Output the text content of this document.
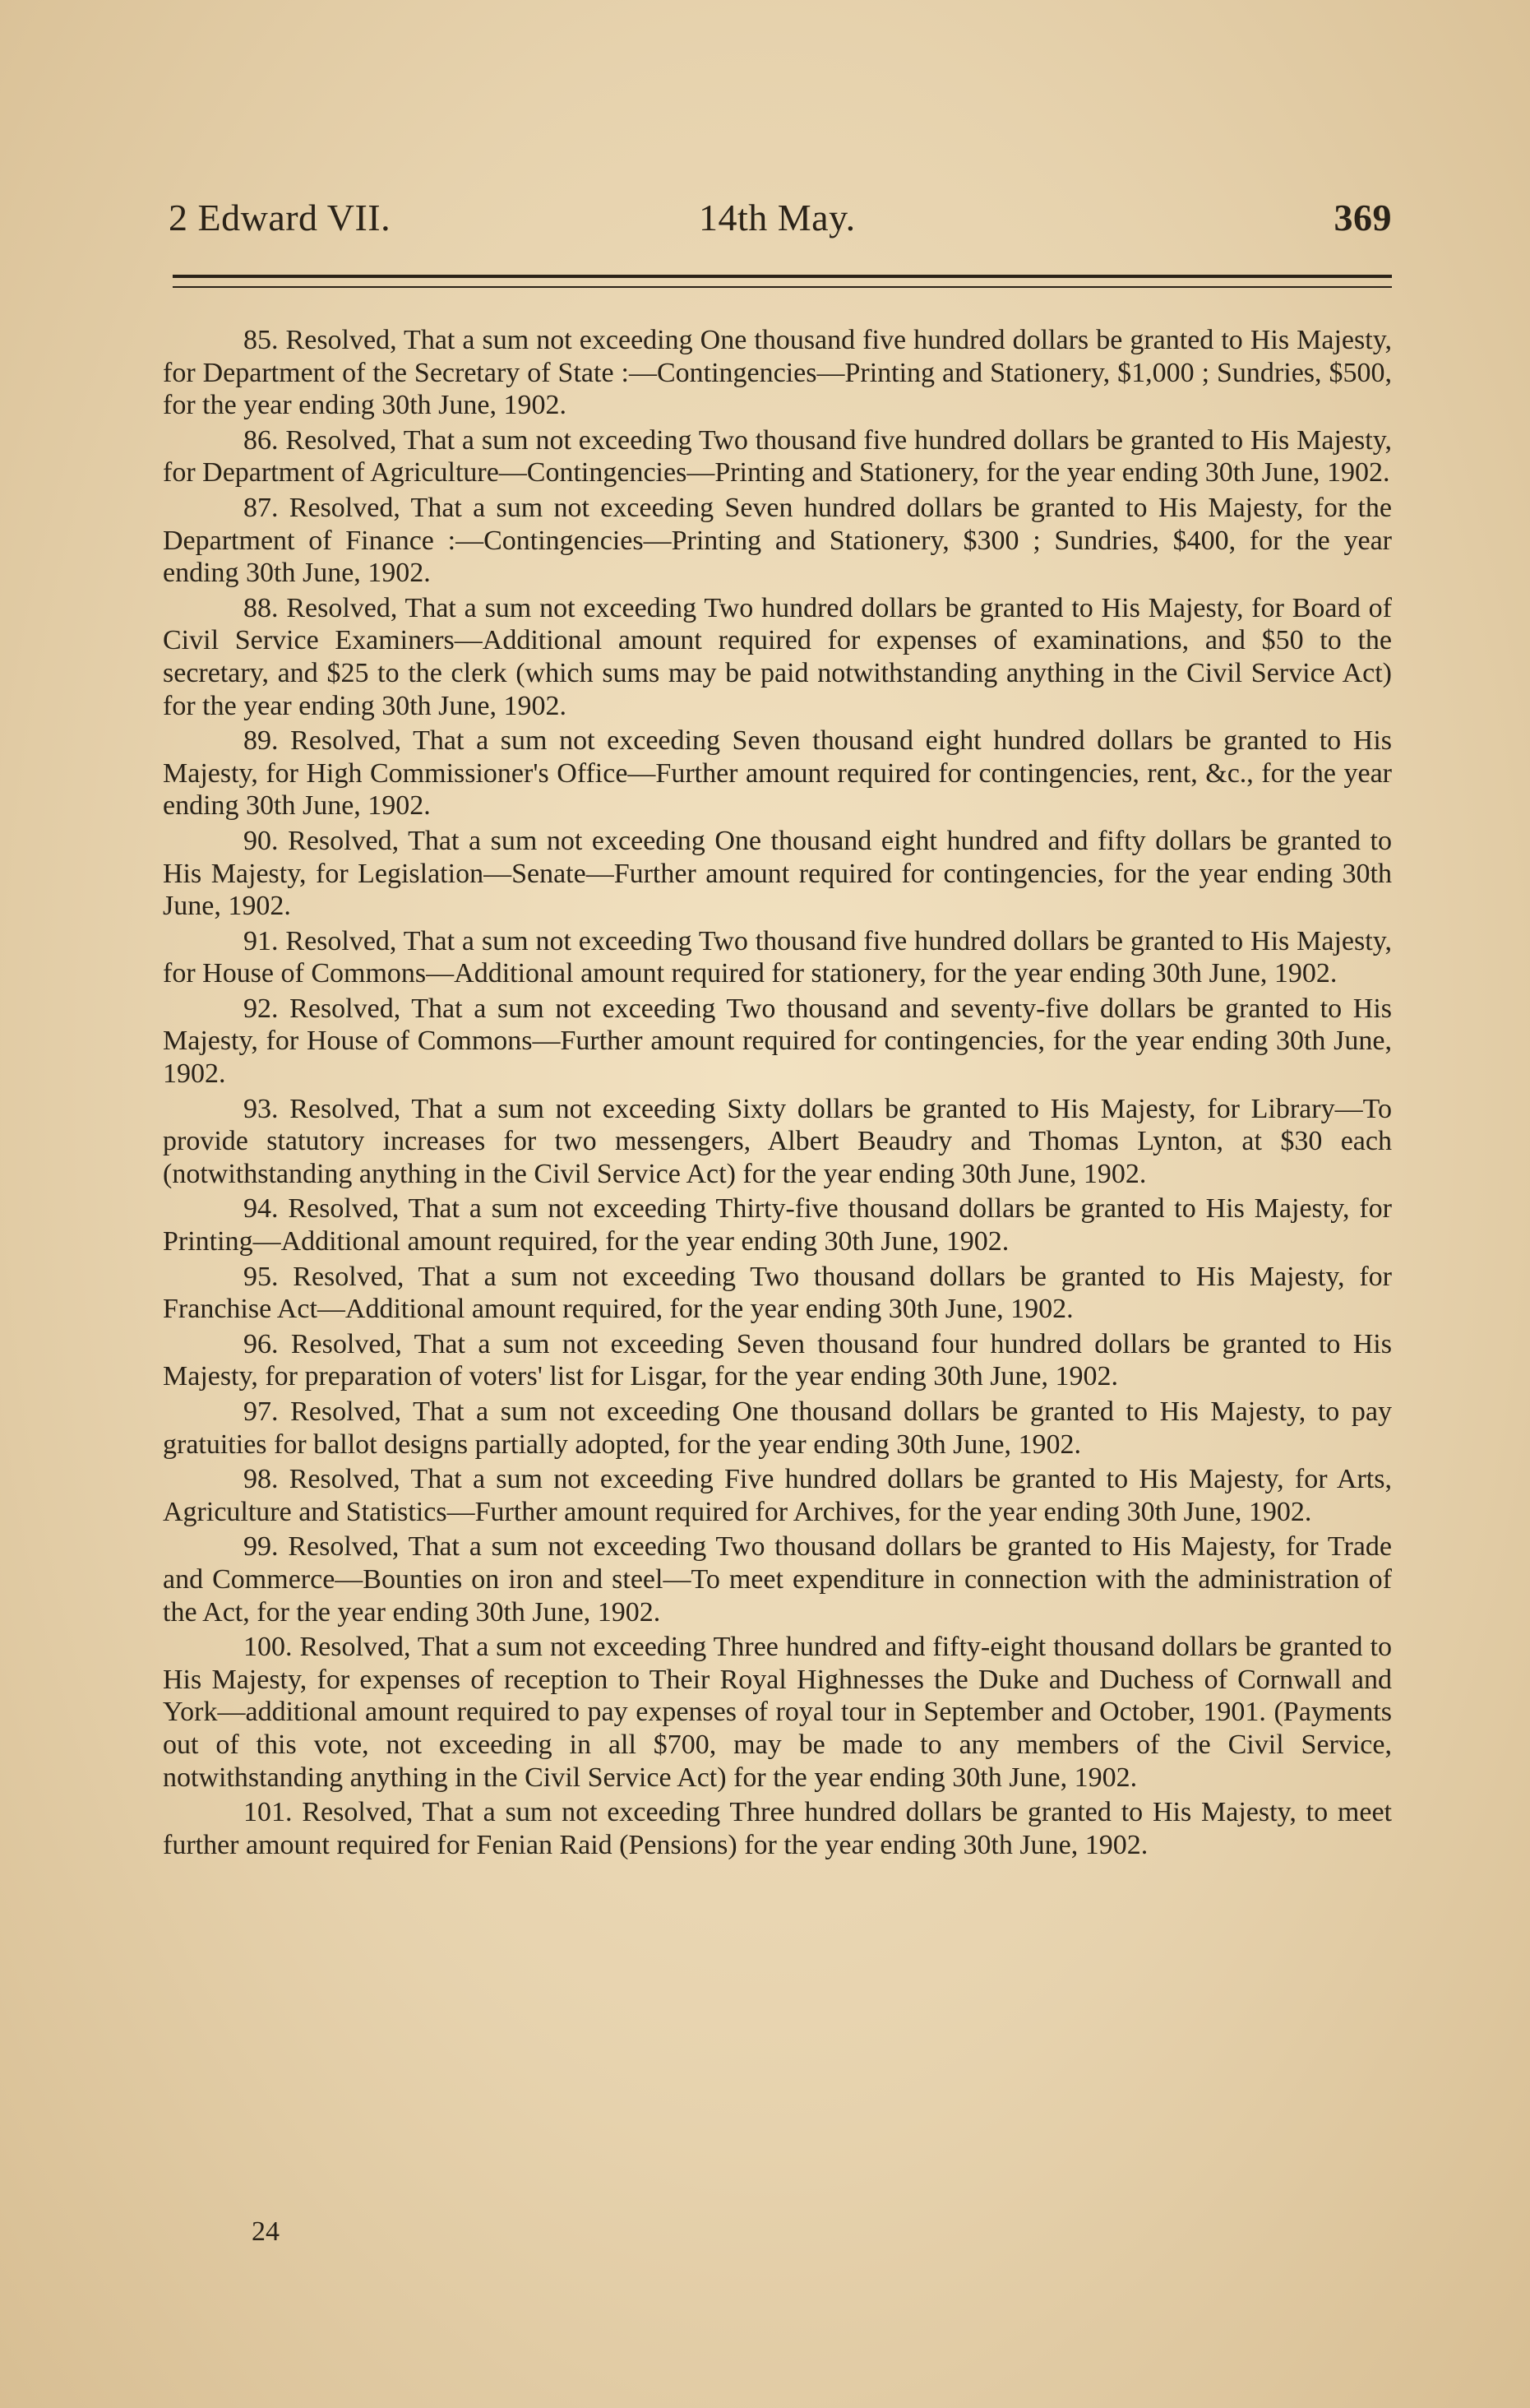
2 Edward VII.	14th May.	369

85. Resolved, That a sum not exceeding One thousand five hundred dollars be granted to His Majesty, for Department of the Secretary of State :—Contingencies—Printing and Stationery, $1,000 ; Sundries, $500, for the year ending 30th June, 1902.

86. Resolved, That a sum not exceeding Two thousand five hundred dollars be granted to His Majesty, for Department of Agriculture—Contingencies—Printing and Stationery, for the year ending 30th June, 1902.

87. Resolved, That a sum not exceeding Seven hundred dollars be granted to His Majesty, for the Department of Finance :—Contingencies—Printing and Stationery, $300 ; Sundries, $400, for the year ending 30th June, 1902.

88. Resolved, That a sum not exceeding Two hundred dollars be granted to His Majesty, for Board of Civil Service Examiners—Additional amount required for expenses of examinations, and $50 to the secretary, and $25 to the clerk (which sums may be paid notwithstanding anything in the Civil Service Act) for the year ending 30th June, 1902.

89. Resolved, That a sum not exceeding Seven thousand eight hundred dollars be granted to His Majesty, for High Commissioner's Office—Further amount required for contingencies, rent, &c., for the year ending 30th June, 1902.

90. Resolved, That a sum not exceeding One thousand eight hundred and fifty dollars be granted to His Majesty, for Legislation—Senate—Further amount required for contingencies, for the year ending 30th June, 1902.

91. Resolved, That a sum not exceeding Two thousand five hundred dollars be granted to His Majesty, for House of Commons—Additional amount required for stationery, for the year ending 30th June, 1902.

92. Resolved, That a sum not exceeding Two thousand and seventy-five dollars be granted to His Majesty, for House of Commons—Further amount required for contingencies, for the year ending 30th June, 1902.

93. Resolved, That a sum not exceeding Sixty dollars be granted to His Majesty, for Library—To provide statutory increases for two messengers, Albert Beaudry and Thomas Lynton, at $30 each (notwithstanding anything in the Civil Service Act) for the year ending 30th June, 1902.

94. Resolved, That a sum not exceeding Thirty-five thousand dollars be granted to His Majesty, for Printing—Additional amount required, for the year ending 30th June, 1902.

95. Resolved, That a sum not exceeding Two thousand dollars be granted to His Majesty, for Franchise Act—Additional amount required, for the year ending 30th June, 1902.

96. Resolved, That a sum not exceeding Seven thousand four hundred dollars be granted to His Majesty, for preparation of voters' list for Lisgar, for the year ending 30th June, 1902.

97. Resolved, That a sum not exceeding One thousand dollars be granted to His Majesty, to pay gratuities for ballot designs partially adopted, for the year ending 30th June, 1902.

98. Resolved, That a sum not exceeding Five hundred dollars be granted to His Majesty, for Arts, Agriculture and Statistics—Further amount required for Archives, for the year ending 30th June, 1902.

99. Resolved, That a sum not exceeding Two thousand dollars be granted to His Majesty, for Trade and Commerce—Bounties on iron and steel—To meet expenditure in connection with the administration of the Act, for the year ending 30th June, 1902.

100. Resolved, That a sum not exceeding Three hundred and fifty-eight thousand dollars be granted to His Majesty, for expenses of reception to Their Royal Highnesses the Duke and Duchess of Cornwall and York—additional amount required to pay expenses of royal tour in September and October, 1901. (Payments out of this vote, not exceeding in all $700, may be made to any members of the Civil Service, notwithstanding anything in the Civil Service Act) for the year ending 30th June, 1902.

101. Resolved, That a sum not exceeding Three hundred dollars be granted to His Majesty, to meet further amount required for Fenian Raid (Pensions) for the year ending 30th June, 1902.

24
